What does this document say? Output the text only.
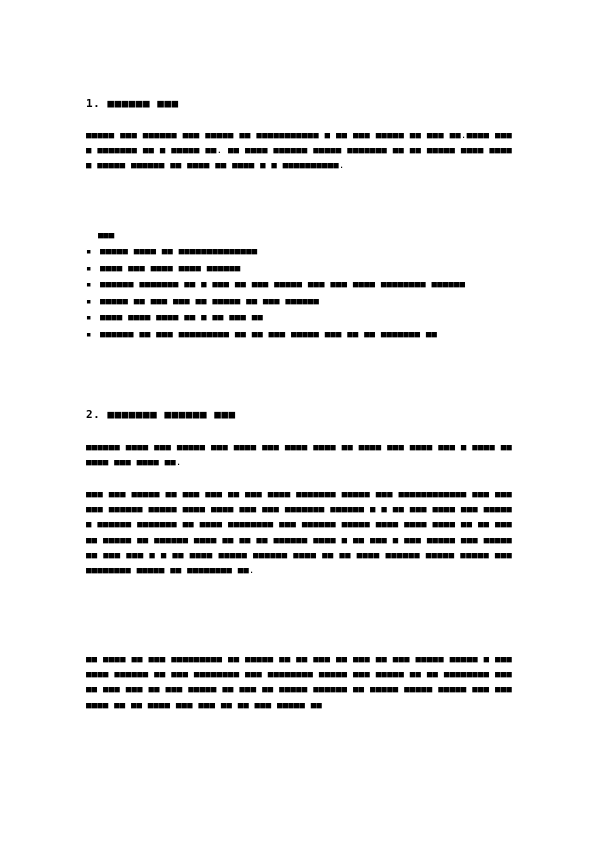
1. ■■■■■■ ■■■

■■■■■ ■■■ ■■■■■■ ■■■ ■■■■■ ■■ ■■■■■■■■■■■ ■ ■■ ■■■ ■■■■■ ■■ ■■■ ■■.■■■■ ■■■■ ■■■■■■■ ■■ ■ ■■■■■ ■■. ■■ ■■■■ ■■■■■■ ■■■■■ ■■■■■■■ ■■ ■■ ■■■■■ ■■■■ ■■■■■ ■■■■■ ■■■■■■ ■■ ■■■■ ■■ ■■■■ ■ ■ ■■■■■■■■■■.

■■■
▪ ■■■■■ ■■■■ ■■ ■■■■■■■■■■■■■■
▪ ■■■■ ■■■ ■■■■ ■■■■ ■■■■■■
▪ ■■■■■■ ■■■■■■■ ■■ ■ ■■■ ■■ ■■■ ■■■■■ ■■■ ■■■ ■■■■ ■■■■■■■■ ■■■■■■
▪ ■■■■■ ■■ ■■■ ■■■ ■■ ■■■■■ ■■ ■■■ ■■■■■■
▪ ■■■■ ■■■■ ■■■■ ■■ ■ ■■ ■■■ ■■
▪ ■■■■■■ ■■ ■■■ ■■■■■■■■■ ■■ ■■ ■■■ ■■■■■ ■■■ ■■ ■■ ■■■■■■■ ■■
2. ■■■■■■■ ■■■■■■ ■■■

■■■■■■ ■■■■ ■■■ ■■■■■ ■■■ ■■■■ ■■■ ■■■■ ■■■■ ■■ ■■■■ ■■■ ■■■■ ■■■ ■ ■■■■ ■■■■■■ ■■■ ■■■■ ■■.

■■■ ■■■ ■■■■■ ■■ ■■■ ■■■ ■■ ■■■ ■■■■ ■■■■■■■ ■■■■■ ■■■ ■■■■■■■■■■■■ ■■■ ■■■■■■ ■■■■■■ ■■■■■ ■■■■ ■■■■ ■■■ ■■■ ■■■■■■■ ■■■■■■ ■ ■ ■■ ■■■ ■■■■ ■■■ ■■■■■■ ■■■■■■ ■■■■■■■ ■■ ■■■■ ■■■■■■■■ ■■■ ■■■■■■ ■■■■■ ■■■■ ■■■■ ■■■■ ■■ ■■ ■■■■■ ■■■■■ ■■ ■■■■■■ ■■■■ ■■ ■■ ■■ ■■■■■■ ■■■■ ■ ■■ ■■■ ■ ■■■ ■■■■■ ■■■ ■■■■■ ■■ ■■■ ■■■ ■ ■ ■■ ■■■■ ■■■■■ ■■■■■■ ■■■■ ■■ ■■ ■■■■ ■■■■■■ ■■■■■ ■■■■■ ■■■ ■■■■■■■■ ■■■■■ ■■ ■■■■■■■■ ■■.

■■ ■■■■ ■■ ■■■ ■■■■■■■■■ ■■ ■■■■■ ■■ ■■ ■■■ ■■ ■■■ ■■ ■■■ ■■■■■ ■■■■■ ■ ■■■ ■■■■ ■■■■■■ ■■ ■■■ ■■■■■■■■ ■■■ ■■■■■■■■ ■■■■■ ■■■ ■■■■■ ■■ ■■ ■■■■■■■■ ■■■■■ ■■■ ■■■ ■■ ■■■ ■■■■■ ■■ ■■■ ■■ ■■■■■ ■■■■■■ ■■ ■■■■■ ■■■■■ ■■■■■ ■■■ ■■■ ■■■■ ■■ ■■ ■■■■ ■■■ ■■■ ■■ ■■ ■■■ ■■■■■ ■■
